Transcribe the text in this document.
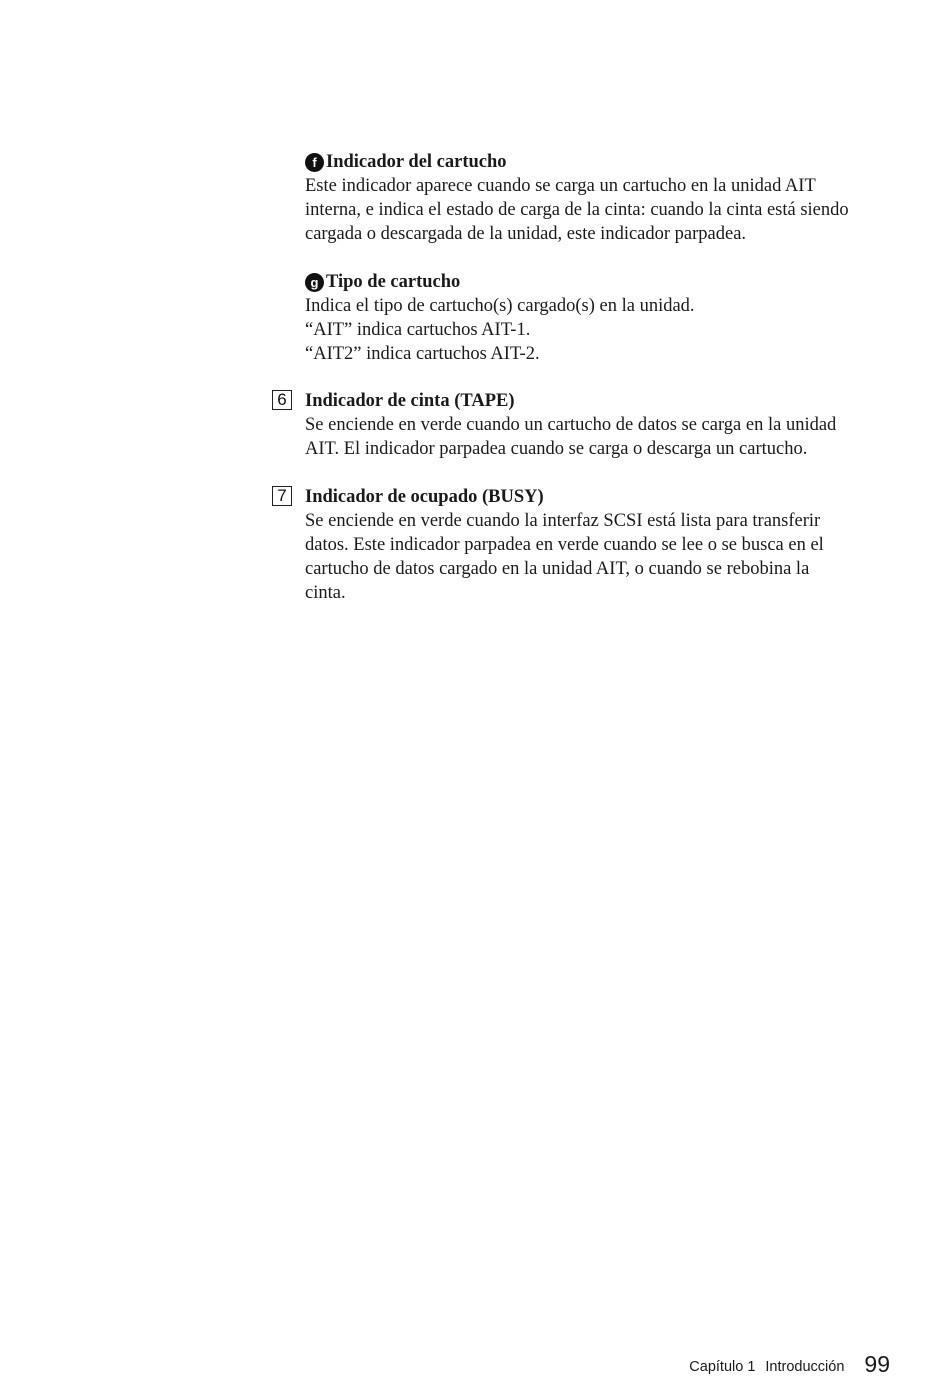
f Indicador del cartucho

Este indicador aparece cuando se carga un cartucho en la unidad AIT
interna, e indica el estado de carga de la cinta: cuando la cinta está siendo
cargada o descargada de la unidad, este indicador parpadea.

g Tipo de cartucho

Indica el tipo de cartucho(s) cargado(s) en la unidad.
“AIT” indica cartuchos AIT-1.
“AIT2” indica cartuchos AIT-2.

6 Indicador de cinta (TAPE)

Se enciende en verde cuando un cartucho de datos se carga en la unidad
AIT. El indicador parpadea cuando se carga o descarga un cartucho.

7 Indicador de ocupado (BUSY)

Se enciende en verde cuando la interfaz SCSI está lista para transferir
datos. Este indicador parpadea en verde cuando se lee o se busca en el
cartucho de datos cargado en la unidad AIT, o cuando se rebobina la
cinta.

Capítulo 1 Introducción 99
